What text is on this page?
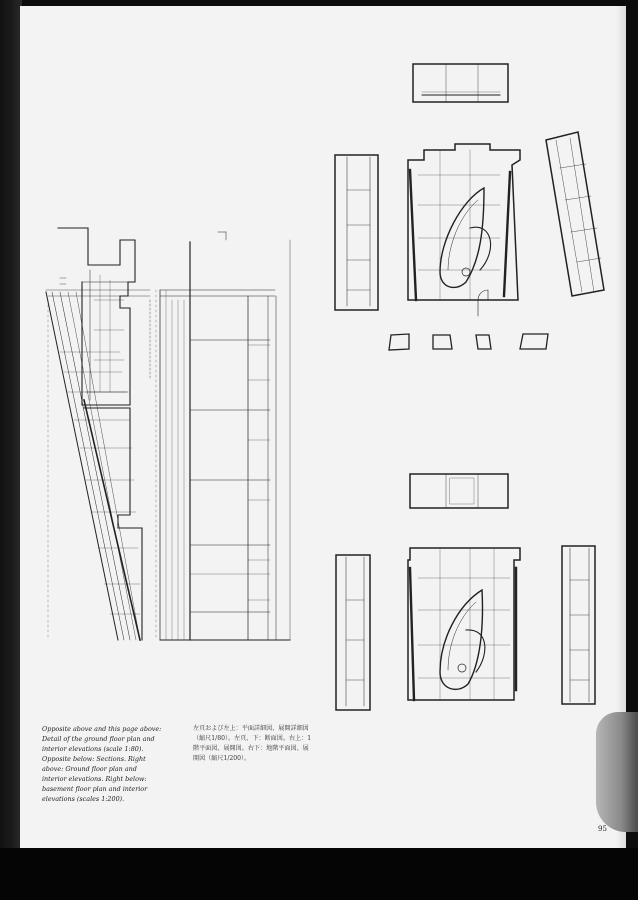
Opposite above and this page above:
Detail of the ground floor plan and
interior elevations (scale 1:80).
Opposite below: Sections. Right
above: Ground floor plan and
interior elevations. Right below:
basement floor plan and interior
elevations (scales 1:200).
左頁および左上：平面詳細図、展開詳細図
（縮尺1/80）。左頁、下：断面図。右上：1
階平面図、展開図。右下：地階平面図、展
開図（縮尺1/200）。
95
